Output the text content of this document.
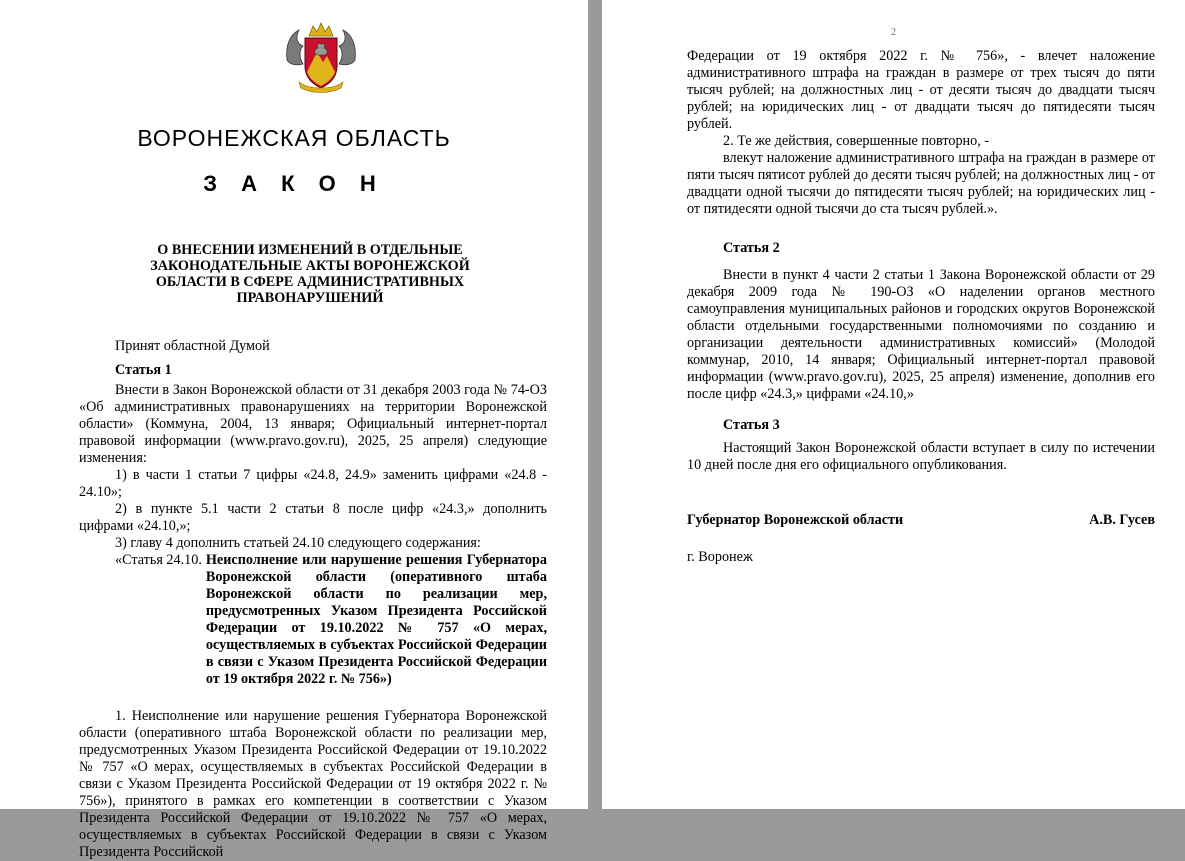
ВОРОНЕЖСКАЯ ОБЛАСТЬ
З А К О Н
О ВНЕСЕНИИ ИЗМЕНЕНИЙ В ОТДЕЛЬНЫЕ ЗАКОНОДАТЕЛЬНЫЕ АКТЫ ВОРОНЕЖСКОЙ ОБЛАСТИ В СФЕРЕ АДМИНИСТРАТИВНЫХ ПРАВОНАРУШЕНИЙ

Принят областной Думой

Статья 1

Внести в Закон Воронежской области от 31 декабря 2003 года № 74-ОЗ «Об административных правонарушениях на территории Воронежской области» (Коммуна, 2004, 13 января; Официальный интернет-портал правовой информации (www.pravo.gov.ru), 2025, 25 апреля) следующие изменения:

1) в части 1 статьи 7 цифры «24.8, 24.9» заменить цифрами «24.8 - 24.10»;

2) в пункте 5.1 части 2 статьи 8 после цифр «24.3,» дополнить цифрами «24.10,»;

3) главу 4 дополнить статьей 24.10 следующего содержания:

«Статья 24.10. Неисполнение или нарушение решения Губернатора Воронежской области (оперативного штаба Воронежской области по реализации мер, предусмотренных Указом Президента Российской Федерации от 19.10.2022 № 757 «О мерах, осуществляемых в субъектах Российской Федерации в связи с Указом Президента Российской Федерации от 19 октября 2022 г. № 756»)

1. Неисполнение или нарушение решения Губернатора Воронежской области (оперативного штаба Воронежской области по реализации мер, предусмотренных Указом Президента Российской Федерации от 19.10.2022 № 757 «О мерах, осуществляемых в субъектах Российской Федерации в связи с Указом Президента Российской Федерации от 19 октября 2022 г. № 756»), принятого в рамках его компетенции в соответствии с Указом Президента Российской Федерации от 19.10.2022 № 757 «О мерах, осуществляемых в субъектах Российской Федерации в связи с Указом Президента Российской

2

Федерации от 19 октября 2022 г. № 756», - влечет наложение административного штрафа на граждан в размере от трех тысяч до пяти тысяч рублей; на должностных лиц - от десяти тысяч до двадцати тысяч рублей; на юридических лиц - от двадцати тысяч до пятидесяти тысяч рублей.

2. Те же действия, совершенные повторно, -

влекут наложение административного штрафа на граждан в размере от пяти тысяч пятисот рублей до десяти тысяч рублей; на должностных лиц - от двадцати одной тысячи до пятидесяти тысяч рублей; на юридических лиц - от пятидесяти одной тысячи до ста тысяч рублей.».

Статья 2

Внести в пункт 4 части 2 статьи 1 Закона Воронежской области от 29 декабря 2009 года № 190-ОЗ «О наделении органов местного самоуправления муниципальных районов и городских округов Воронежской области отдельными государственными полномочиями по созданию и организации деятельности административных комиссий» (Молодой коммунар, 2010, 14 января; Официальный интернет-портал правовой информации (www.pravo.gov.ru), 2025, 25 апреля) изменение, дополнив его после цифр «24.3,» цифрами «24.10,»

Статья 3

Настоящий Закон Воронежской области вступает в силу по истечении 10 дней после дня его официального опубликования.

Губернатор Воронежской области	А.В. Гусев

г. Воронеж
